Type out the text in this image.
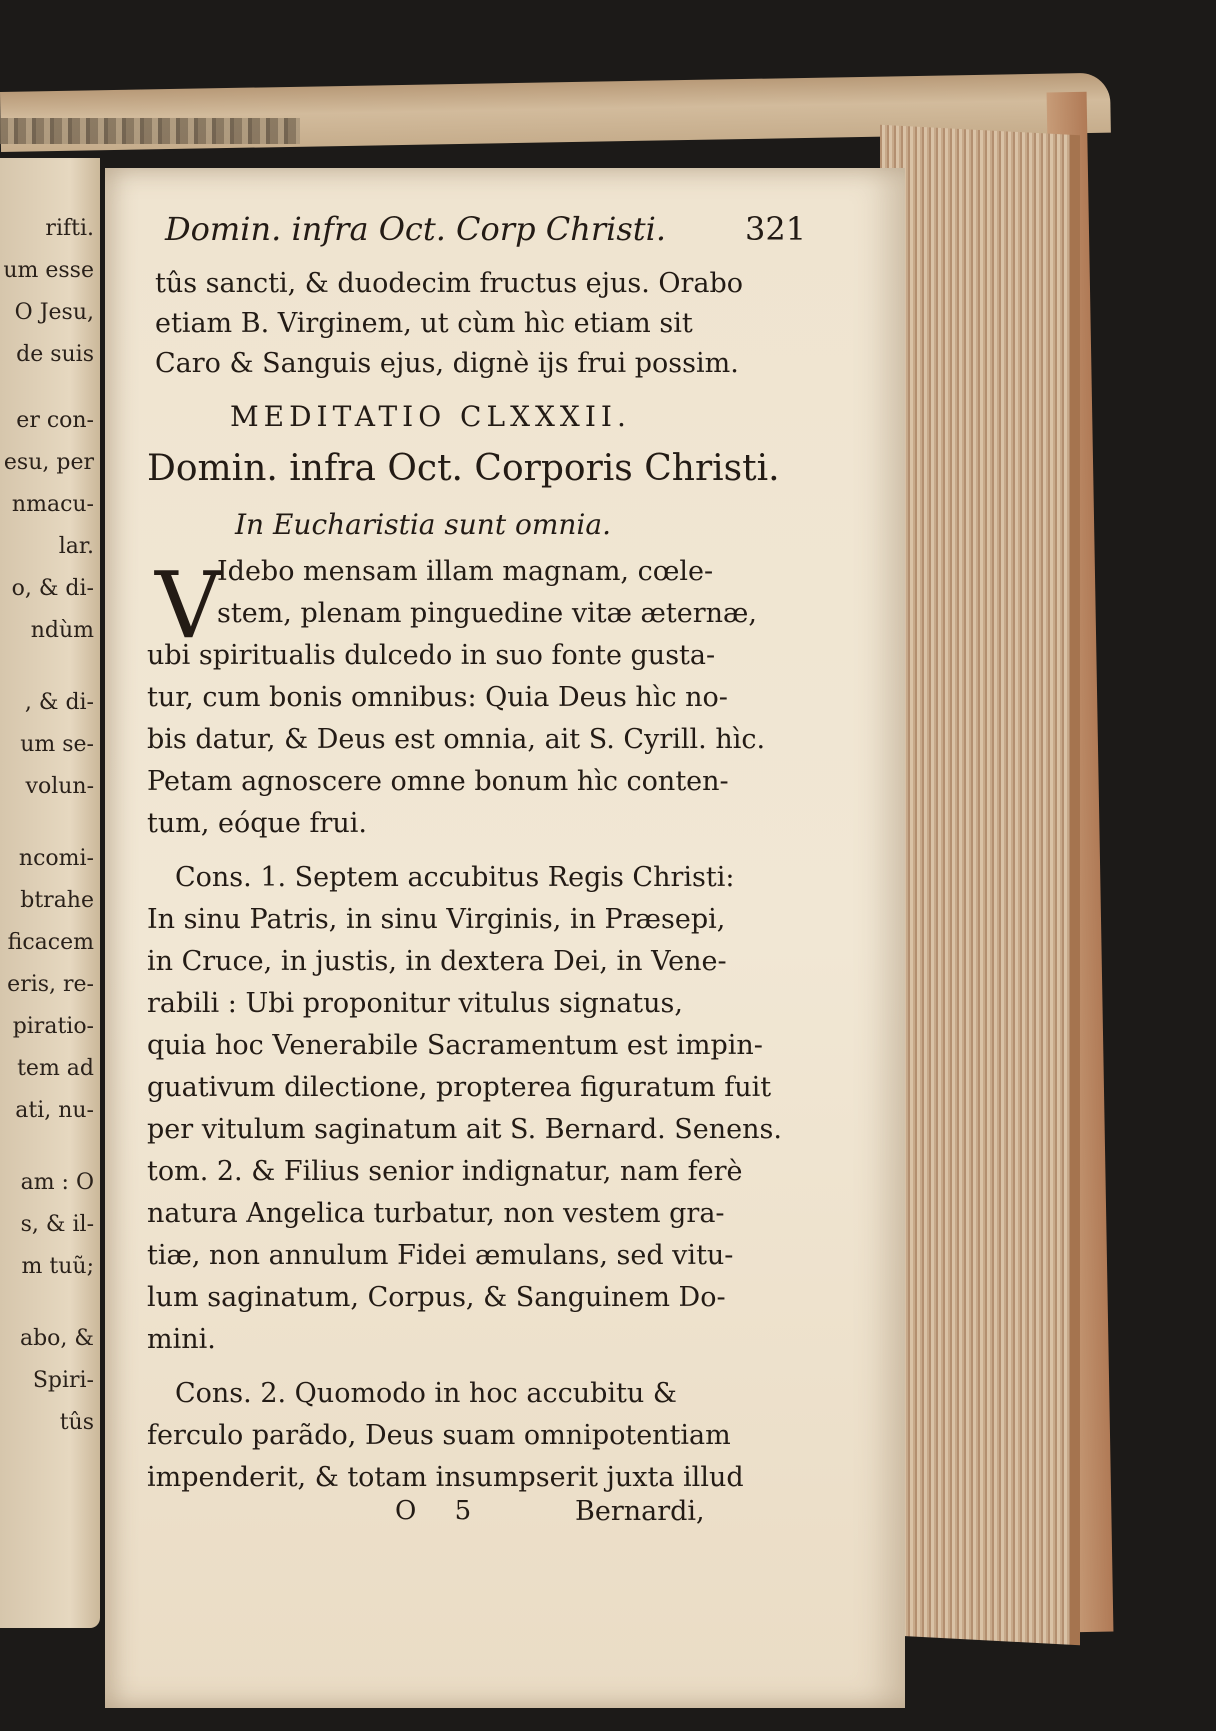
rifti.
um esse
O Jesu,
de suis
er con-
esu, per
nmacu-
lar.
o, & di-
ndùm
, & di-
um se-
volun-
ncomi-
btrahe
ficacem
eris, re-
piratio-
tem ad
ati, nu-
am : O
s, & il-
m tuũ;
abo, &
Spiri-
tûs
Domin. infra Oct. Corp Christi. 321
tûs sancti, & duodecim fructus ejus. Orabo
etiam B. Virginem, ut cùm hìc etiam sit
Caro & Sanguis ejus, dignè ijs frui possim.
MEDITATIO CLXXXII.
Domin. infra Oct. Corporis Christi.
In Eucharistia sunt omnia.
V
Idebo mensam illam magnam, cœle-
stem, plenam pinguedine vitæ æternæ,
ubi spiritualis dulcedo in suo fonte gusta-
tur, cum bonis omnibus: Quia Deus hìc no-
bis datur, & Deus est omnia, ait S. Cyrill. hìc.
Petam agnoscere omne bonum hìc conten-
tum, eóque frui.
Cons. 1. Septem accubitus Regis Christi:
In sinu Patris, in sinu Virginis, in Præsepi,
in Cruce, in justis, in dextera Dei, in Vene-
rabili : Ubi proponitur vitulus signatus,
quia hoc Venerabile Sacramentum est impin-
guativum dilectione, propterea figuratum fuit
per vitulum saginatum ait S. Bernard. Senens.
tom. 2. & Filius senior indignatur, nam ferè
natura Angelica turbatur, non vestem gra-
tiæ, non annulum Fidei æmulans, sed vitu-
lum saginatum, Corpus, & Sanguinem Do-
mini.
Cons. 2. Quomodo in hoc accubitu &
ferculo parãdo, Deus suam omnipotentiam
impenderit, & totam insumpserit juxta illud
O 5	Bernardi,
